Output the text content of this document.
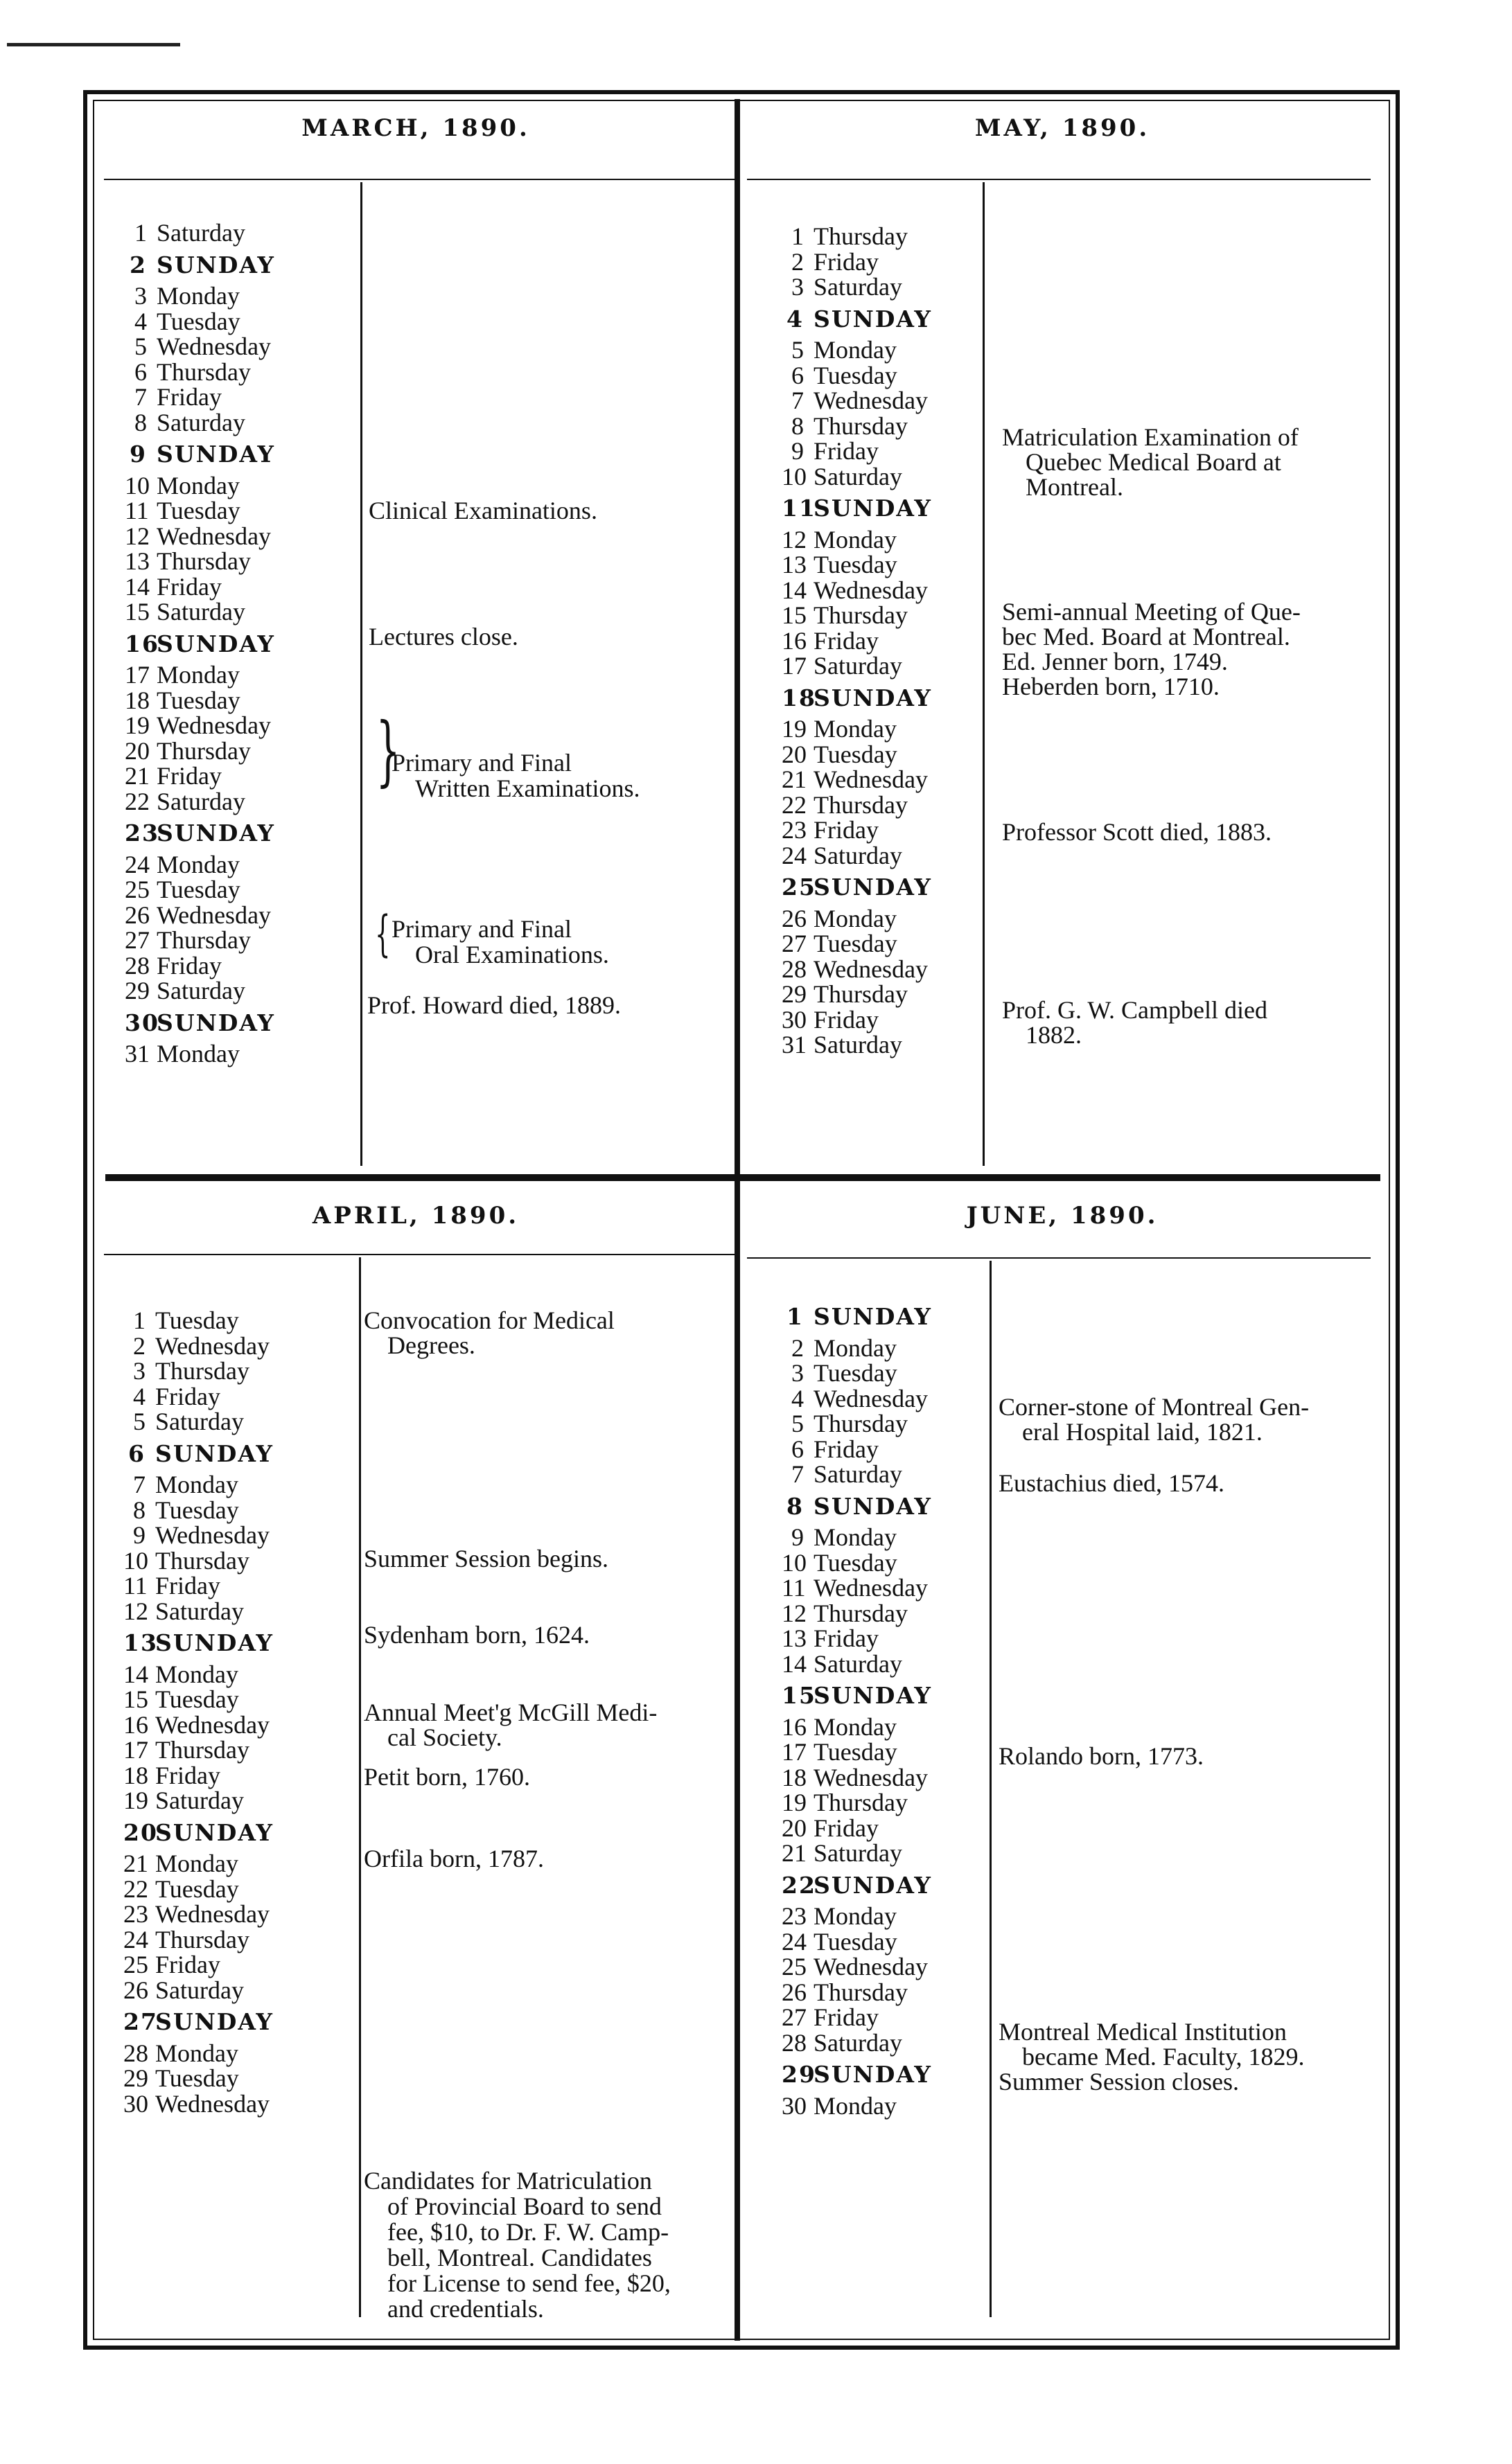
MARCH, 1890.
1 Saturday
2 SUNDAY
3 Monday
4 Tuesday
5 Wednesday
6 Thursday
7 Friday
8 Saturday
9 SUNDAY
10 Monday
11 Tuesday
12 Wednesday
13 Thursday
14 Friday
15 Saturday
16SUNDAY
17 Monday
18 Tuesday
19 Wednesday
20 Thursday
21 Friday
22 Saturday
23SUNDAY
24 Monday
25 Tuesday
26 Wednesday
27 Thursday
28 Friday
29 Saturday
30SUNDAY
31 Monday
Clinical Examinations.
Lectures close.
}
Primary and Final
Written Examinations.
{ Primary and Final
Oral Examinations.
Prof. Howard died, 1889.
MAY, 1890.
1 Thursday
2 Friday
3 Saturday
4 SUNDAY
5 Monday
6 Tuesday
7 Wednesday
8 Thursday
9 Friday
10 Saturday
11SUNDAY
12 Monday
13 Tuesday
14 Wednesday
15 Thursday
16 Friday
17 Saturday
18SUNDAY
19 Monday
20 Tuesday
21 Wednesday
22 Thursday
23 Friday
24 Saturday
25SUNDAY
26 Monday
27 Tuesday
28 Wednesday
29 Thursday
30 Friday
31 Saturday
Matriculation Examination of

Quebec Medical Board at
Montreal.
Semi-annual Meeting of Que-
bec Med. Board at Montreal.
Ed. Jenner born, 1749.
Heberden born, 1710.
Professor Scott died, 1883.
Prof. G. W. Campbell died
1882.
APRIL, 1890.
1 Tuesday
2 Wednesday
3 Thursday
4 Friday
5 Saturday
6 SUNDAY
7 Monday
8 Tuesday
9 Wednesday
10 Thursday
11 Friday
12 Saturday
13SUNDAY
14 Monday
15 Tuesday
16 Wednesday
17 Thursday
18 Friday
19 Saturday
20SUNDAY
21 Monday
22 Tuesday
23 Wednesday
24 Thursday
25 Friday
26 Saturday
27SUNDAY
28 Monday
29 Tuesday
30 Wednesday
Convocation for Medical
Degrees.
Summer Session begins.
Sydenham born, 1624.
Annual Meet'g McGill Medi-
cal Society.
Petit born, 1760.
Orfila born, 1787.
Candidates for Matriculation
of Provincial Board to send
fee, $10, to Dr. F. W. Camp-
bell, Montreal. Candidates
for License to send fee, $20,
and credentials.
JUNE, 1890.
1 SUNDAY
2 Monday
3 Tuesday
4 Wednesday
5 Thursday
6 Friday
7 Saturday
8 SUNDAY
9 Monday
10 Tuesday
11 Wednesday
12 Thursday
13 Friday
14 Saturday
15SUNDAY
16 Monday
17 Tuesday
18 Wednesday
19 Thursday
20 Friday
21 Saturday
22SUNDAY
23 Monday
24 Tuesday
25 Wednesday
26 Thursday
27 Friday
28 Saturday
29SUNDAY
30 Monday
Corner-stone of Montreal Gen-
eral Hospital laid, 1821.
Eustachius died, 1574.
Rolando born, 1773.
Montreal Medical Institution
became Med. Faculty, 1829.
Summer Session closes.
